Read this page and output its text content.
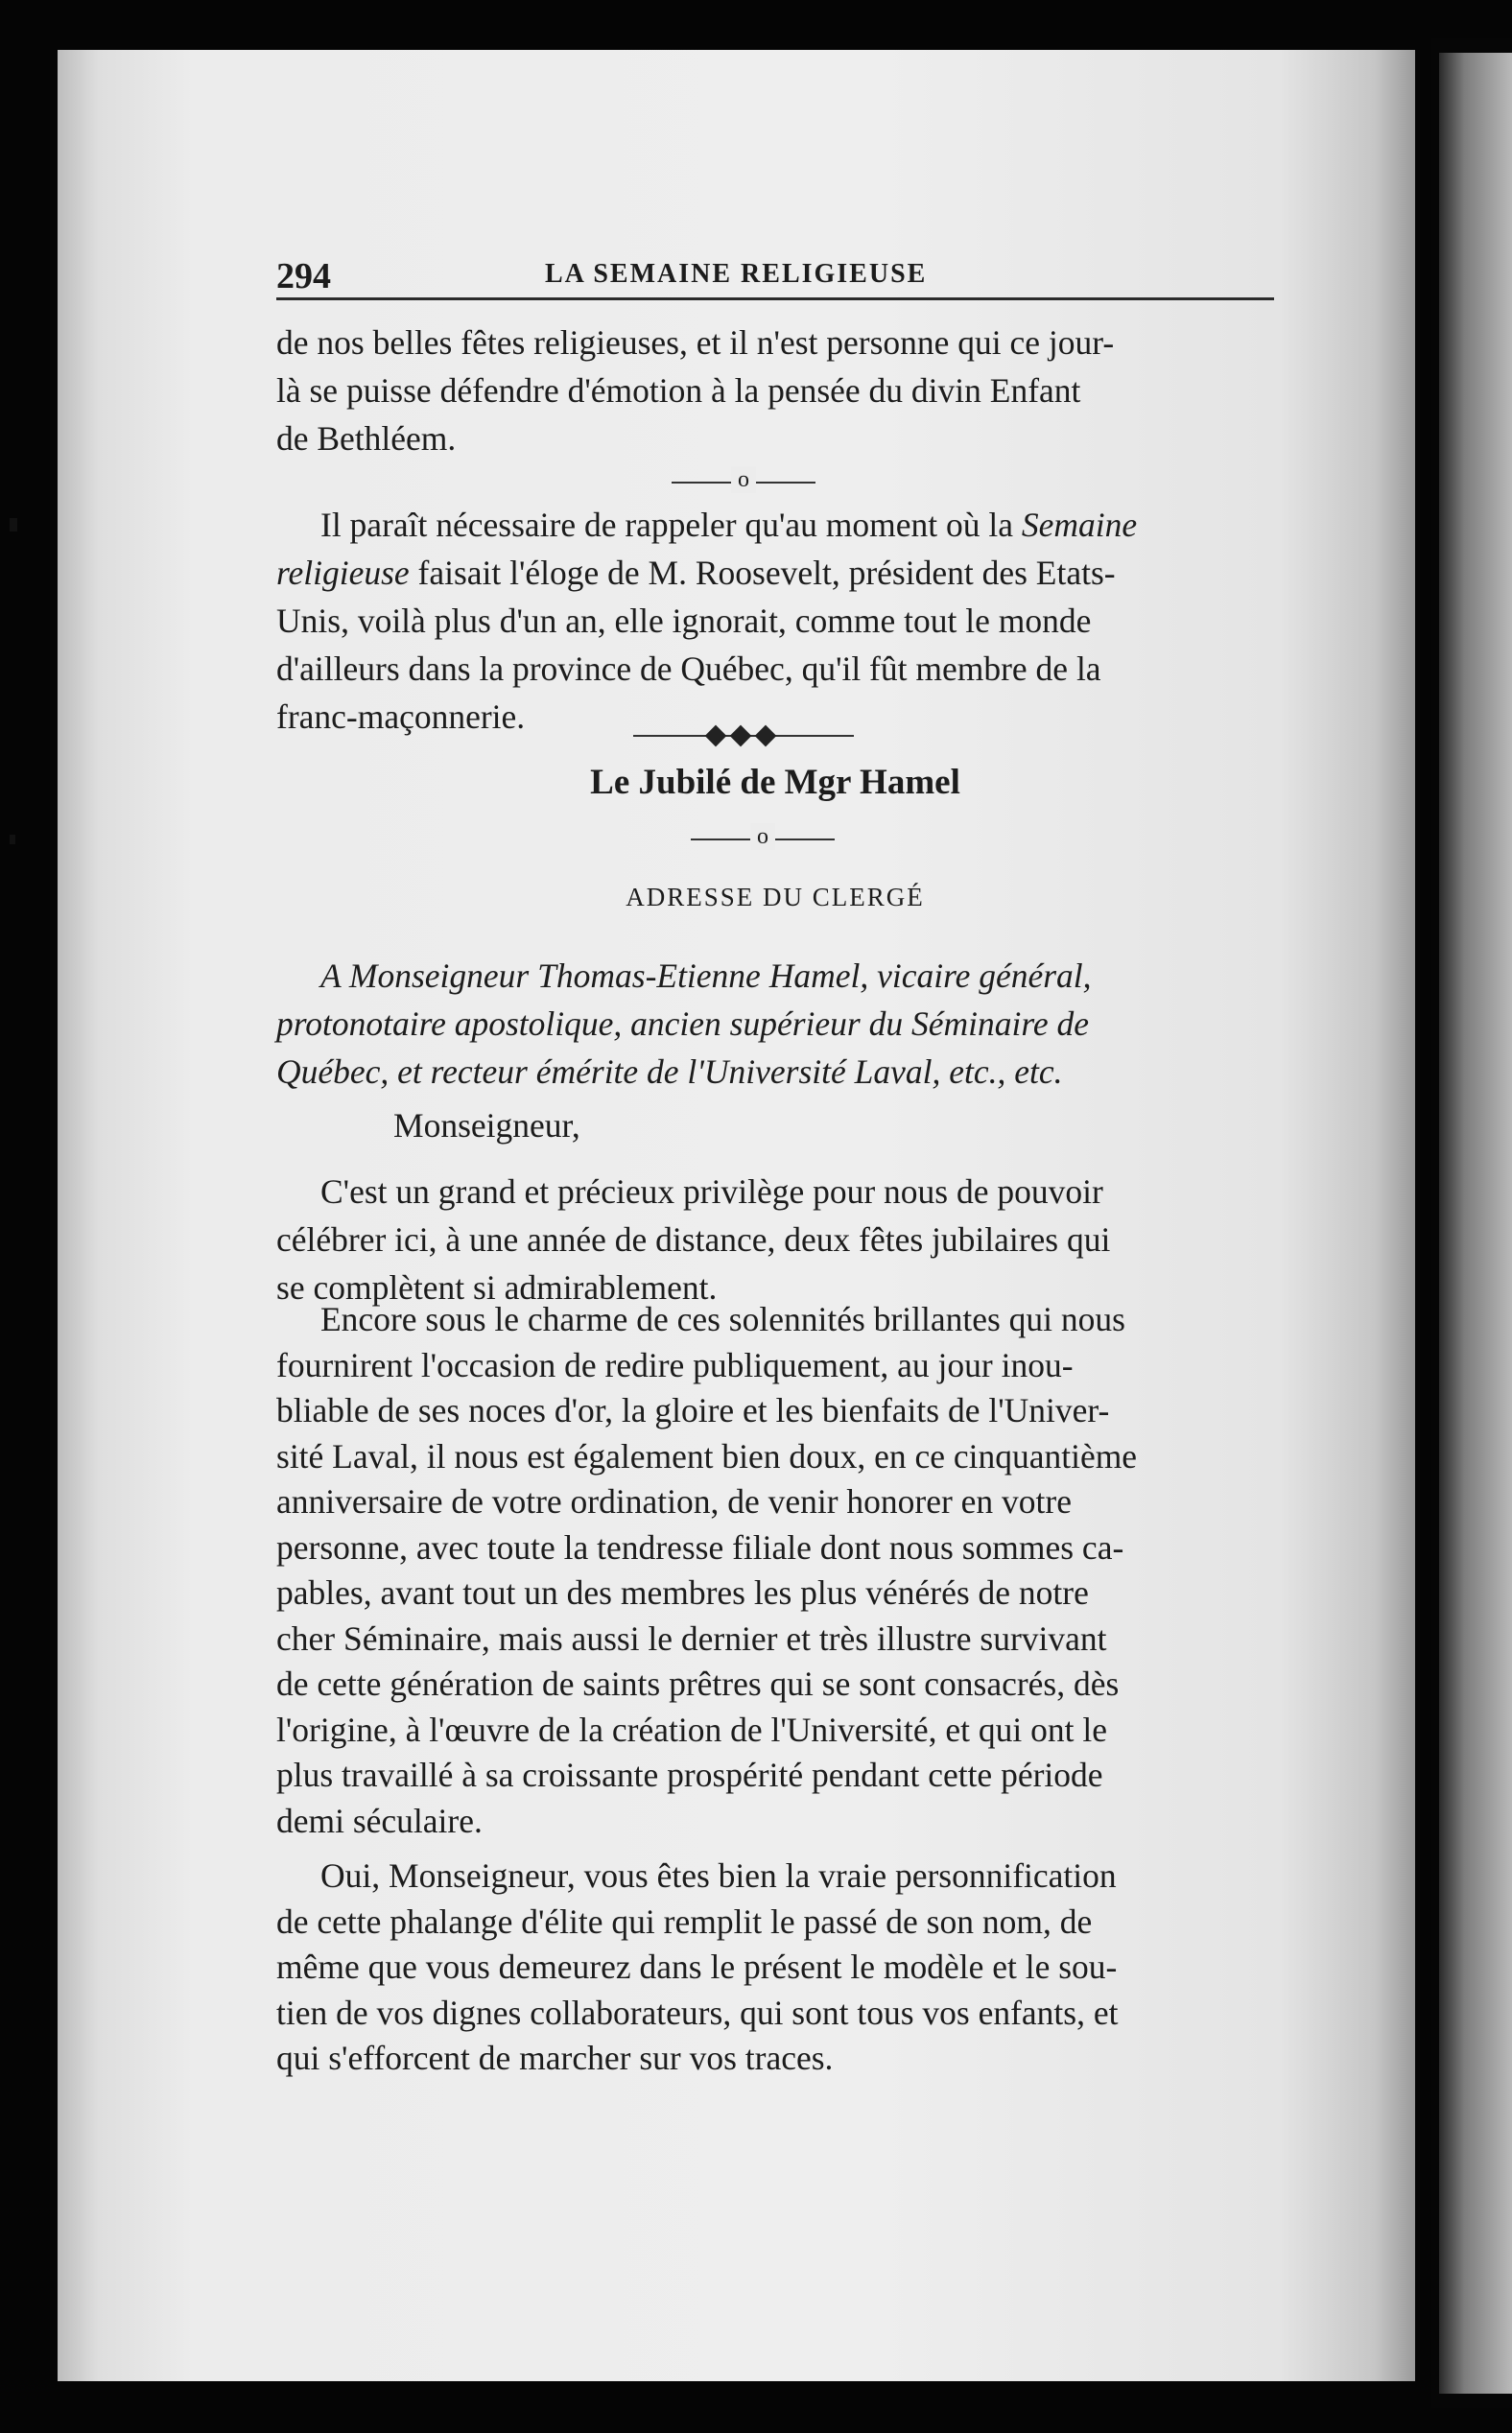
294	LA SEMAINE RELIGIEUSE
de nos belles fêtes religieuses, et il n'est personne qui ce jour-
là se puisse défendre d'émotion à la pensée du divin Enfant
de Bethléem.
o
Il paraît nécessaire de rappeler qu'au moment où la Semaine
religieuse faisait l'éloge de M. Roosevelt, président des Etats-
Unis, voilà plus d'un an, elle ignorait, comme tout le monde
d'ailleurs dans la province de Québec, qu'il fût membre de la
franc-maçonnerie.
Le Jubilé de Mgr Hamel
o
ADRESSE DU CLERGÉ
A Monseigneur Thomas-Etienne Hamel, vicaire général,
protonotaire apostolique, ancien supérieur du Séminaire de
Québec, et recteur émérite de l'Université Laval, etc., etc.
Monseigneur,
C'est un grand et précieux privilège pour nous de pouvoir
célébrer ici, à une année de distance, deux fêtes jubilaires qui
se complètent si admirablement.
Encore sous le charme de ces solennités brillantes qui nous
fournirent l'occasion de redire publiquement, au jour inou-
bliable de ses noces d'or, la gloire et les bienfaits de l'Univer-
sité Laval, il nous est également bien doux, en ce cinquantième
anniversaire de votre ordination, de venir honorer en votre
personne, avec toute la tendresse filiale dont nous sommes ca-
pables, avant tout un des membres les plus vénérés de notre
cher Séminaire, mais aussi le dernier et très illustre survivant
de cette génération de saints prêtres qui se sont consacrés, dès
l'origine, à l'œuvre de la création de l'Université, et qui ont le
plus travaillé à sa croissante prospérité pendant cette période
demi séculaire.
Oui, Monseigneur, vous êtes bien la vraie personnification
de cette phalange d'élite qui remplit le passé de son nom, de
même que vous demeurez dans le présent le modèle et le sou-
tien de vos dignes collaborateurs, qui sont tous vos enfants, et
qui s'efforcent de marcher sur vos traces.
